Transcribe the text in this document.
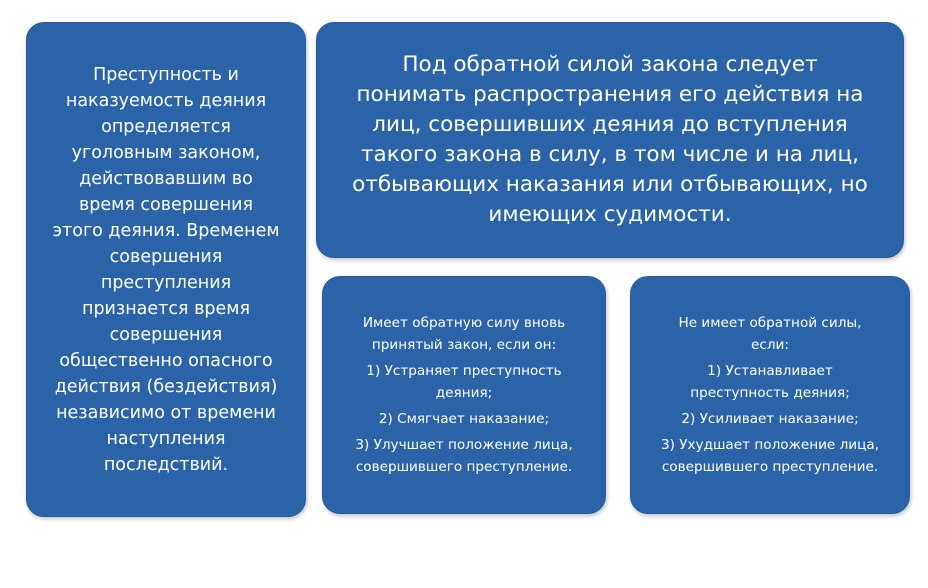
Преступность и
наказуемость деяния
определяется
уголовным законом,
действовавшим во
время совершения
этого деяния. Временем
совершения
преступления
признается время
совершения
общественно опасного
действия (бездействия)
независимо от времени
наступления
последствий.
Под обратной силой закона следует
понимать распространения его действия на
лиц, совершивших деяния до вступления
такого закона в силу, в том числе и на лиц,
отбывающих наказания или отбывающих, но
имеющих судимости.
Имеет обратную силу вновь
принятый закон, если он:
1) Устраняет преступность
деяния;
2) Смягчает наказание;
3) Улучшает положение лица,
совершившего преступление.
Не имеет обратной силы,
если:
1) Устанавливает
преступность деяния;
2) Усиливает наказание;
3) Ухудшает положение лица,
совершившего преступление.
